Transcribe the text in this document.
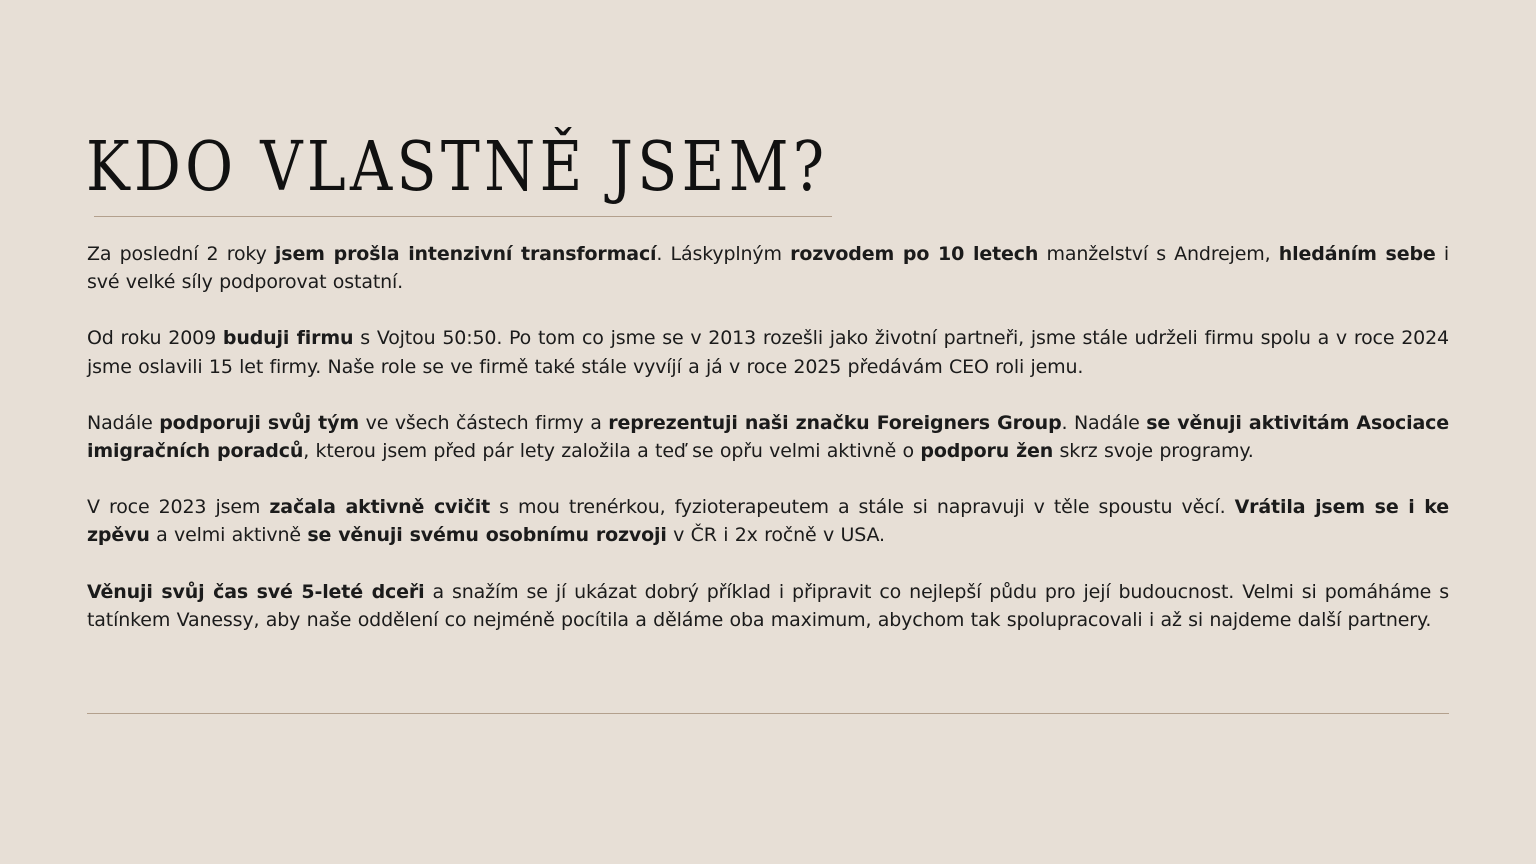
KDO VLASTNĚ JSEM?

Za poslední 2 roky jsem prošla intenzivní transformací. Láskyplným rozvodem po 10 letech manželství s Andrejem, hledáním sebe i své velké síly podporovat ostatní.

Od roku 2009 buduji firmu s Vojtou 50:50. Po tom co jsme se v 2013 rozešli jako životní partneři, jsme stále udrželi firmu spolu a v roce 2024 jsme oslavili 15 let firmy. Naše role se ve firmě také stále vyvíjí a já v roce 2025 předávám CEO roli jemu.

Nadále podporuji svůj tým ve všech částech firmy a reprezentuji naši značku Foreigners Group. Nadále se věnuji aktivitám Asociace imigračních poradců, kterou jsem před pár lety založila a teď se opřu velmi aktivně o podporu žen skrz svoje programy.

V roce 2023 jsem začala aktivně cvičit s mou trenérkou, fyzioterapeutem a stále si napravuji v těle spoustu věcí. Vrátila jsem se i ke zpěvu a velmi aktivně se věnuji svému osobnímu rozvoji v ČR i 2x ročně v USA.

Věnuji svůj čas své 5-leté dceři a snažím se jí ukázat dobrý příklad i připravit co nejlepší půdu pro její budoucnost. Velmi si pomáháme s tatínkem Vanessy, aby naše oddělení co nejméně pocítila a děláme oba maximum, abychom tak spolupracovali i až si najdeme další partnery.
